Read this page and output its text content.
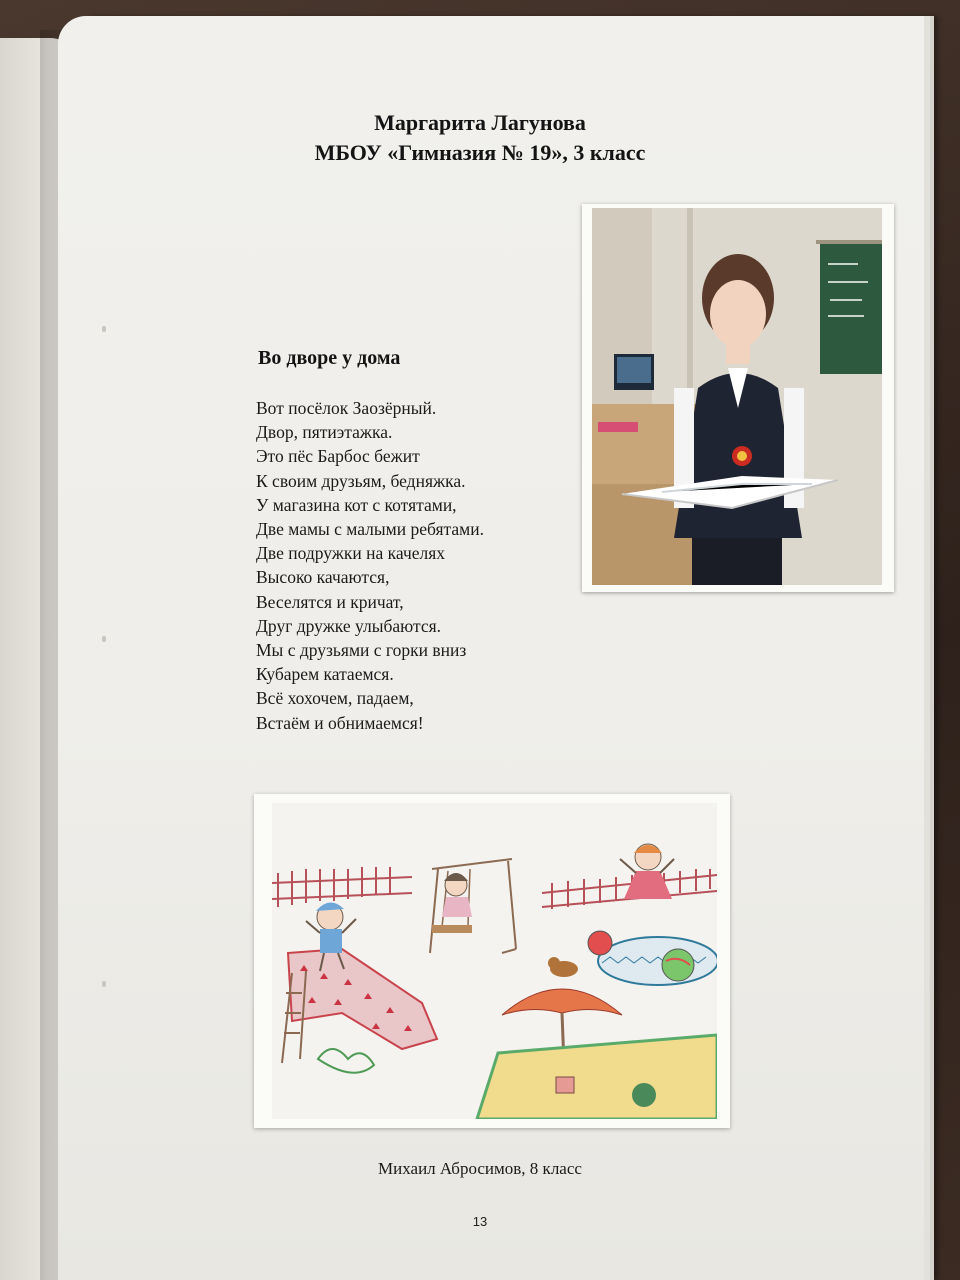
Маргарита Лагунова
МБОУ «Гимназия № 19», 3 класс
Во дворе у дома
Вот посёлок Заозёрный.
Двор, пятиэтажка.
Это пёс Барбос бежит
К своим друзьям, бедняжка.
У магазина кот с котятами,
Две мамы с малыми ребятами.
Две подружки на качелях
Высоко качаются,
Веселятся и кричат,
Друг дружке улыбаются.
Мы с друзьями с горки вниз
Кубарем катаемся.
Всё хохочем, падаем,
Встаём и обнимаемся!
Михаил Абросимов, 8 класс
13
